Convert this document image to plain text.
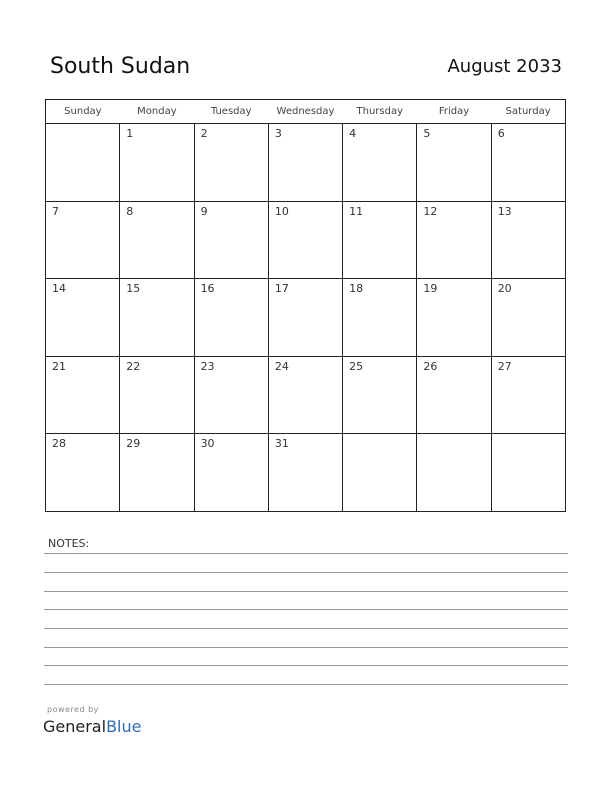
South Sudan	August 2033
Sunday	Monday	Tuesday	Wednesday	Thursday	Friday	Saturday

	1	2	3	4	5	6

7	8	9	10	11	12	13

14	15	16	17	18	19	20

21	22	23	24	25	26	27

28	29	30	31			

NOTES:
powered by
GeneralBlue
